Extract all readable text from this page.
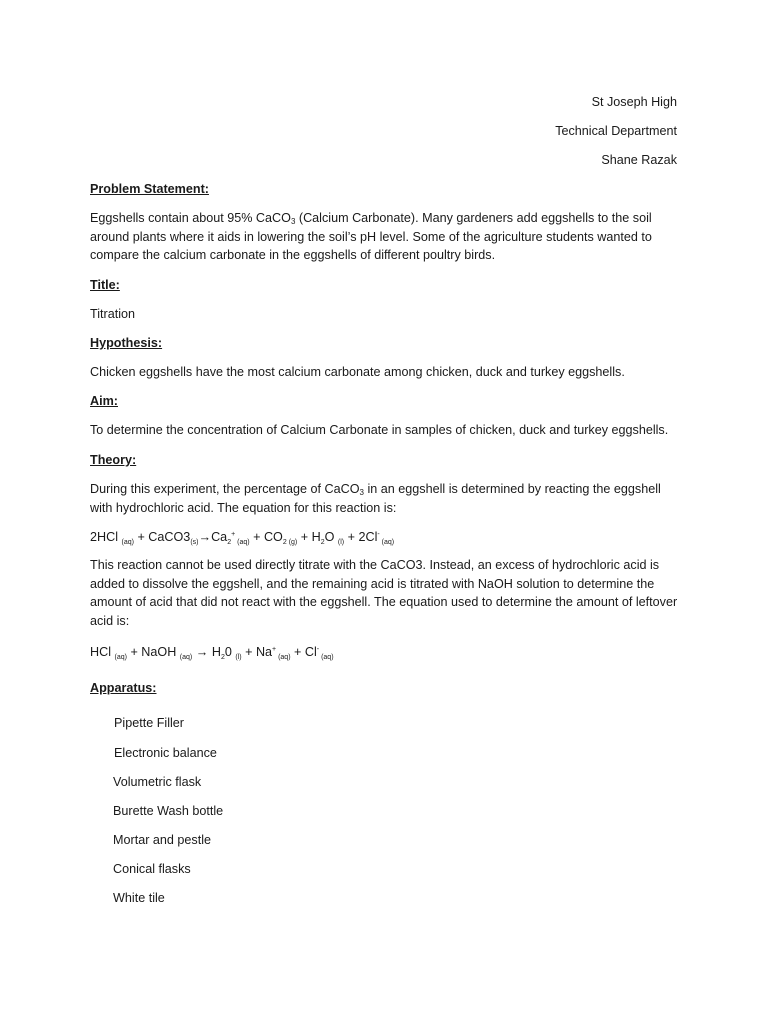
St Joseph High
Technical Department
Shane Razak
Problem Statement:

Eggshells contain about 95% CaCO3 (Calcium Carbonate). Many gardeners add eggshells to the soil around plants where it aids in lowering the soil’s pH level. Some of the agriculture students wanted to compare the calcium carbonate in the eggshells of different poultry birds.

Title:
Titration
Hypothesis:
Chicken eggshells have the most calcium carbonate among chicken, duck and turkey eggshells.
Aim:
To determine the concentration of Calcium Carbonate in samples of chicken, duck and turkey eggshells.
Theory:

During this experiment, the percentage of CaCO3 in an eggshell is determined by reacting the eggshell with hydrochloric acid. The equation for this reaction is:

2HCl $_{(aq)} + CaCO3_{(s)}\to Ca_2^+$ $_{(aq)} + CO_2$ $_{(g)} + H_2O$ $_{(l)}$ + 2Cl- $_{(aq)}$

This reaction cannot be used directly titrate with the CaCO3. Instead, an excess of hydrochloric acid is added to dissolve the eggshell, and the remaining acid is titrated with NaOH solution to determine the amount of acid that did not react with the eggshell. The equation used to determine the amount of leftover acid is:

HCl $_{(aq)}$ + NaOH $_{(aq)} \to H_20$ $_{(l)}$ + Na+ $_{(aq)}$ + Cl- $_{(aq)}$
Apparatus:
Pipette Filler
Electronic balance
Volumetric flask
Burette Wash bottle
Mortar and pestle
Conical flasks
White tile
